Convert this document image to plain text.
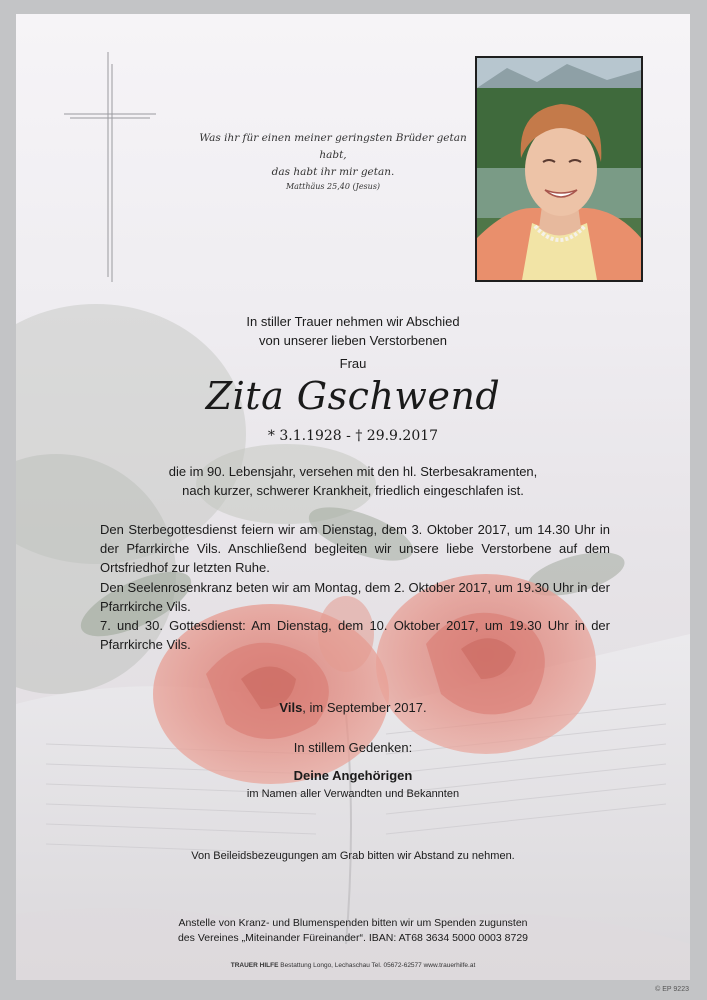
Was ihr für einen meiner geringsten Brüder getan habt,
das habt ihr mir getan.
Matthäus 25,40 (Jesus)
In stiller Trauer nehmen wir Abschied
von unserer lieben Verstorbenen
Frau
Zita Gschwend
* 3.1.1928 - † 29.9.2017
die im 90. Lebensjahr, versehen mit den hl. Sterbesakramenten,
nach kurzer, schwerer Krankheit, friedlich eingeschlafen ist.
Den Sterbegottesdienst feiern wir am Dienstag, dem 3. Oktober 2017, um 14.30 Uhr in der Pfarrkirche Vils. Anschließend begleiten wir unsere liebe Verstorbene auf dem Ortsfriedhof zur letzten Ruhe.
Den Seelenrosenkranz beten wir am Montag, dem 2. Oktober 2017, um 19.30 Uhr in der Pfarrkirche Vils.
7. und 30. Gottesdienst: Am Dienstag, dem 10. Oktober 2017, um 19.30 Uhr in der Pfarrkirche Vils.
Vils, im September 2017.
In stillem Gedenken:
Deine Angehörigen
im Namen aller Verwandten und Bekannten
Von Beileidsbezeugungen am Grab bitten wir Abstand zu nehmen.
Anstelle von Kranz- und Blumenspenden bitten wir um Spenden zugunsten
des Vereines „Miteinander Füreinander“. IBAN: AT68 3634 5000 0003 8729
TRAUER HILFE Bestattung Longo, Lechaschau Tel. 05672-62577 www.trauerhilfe.at
© EP 9223
